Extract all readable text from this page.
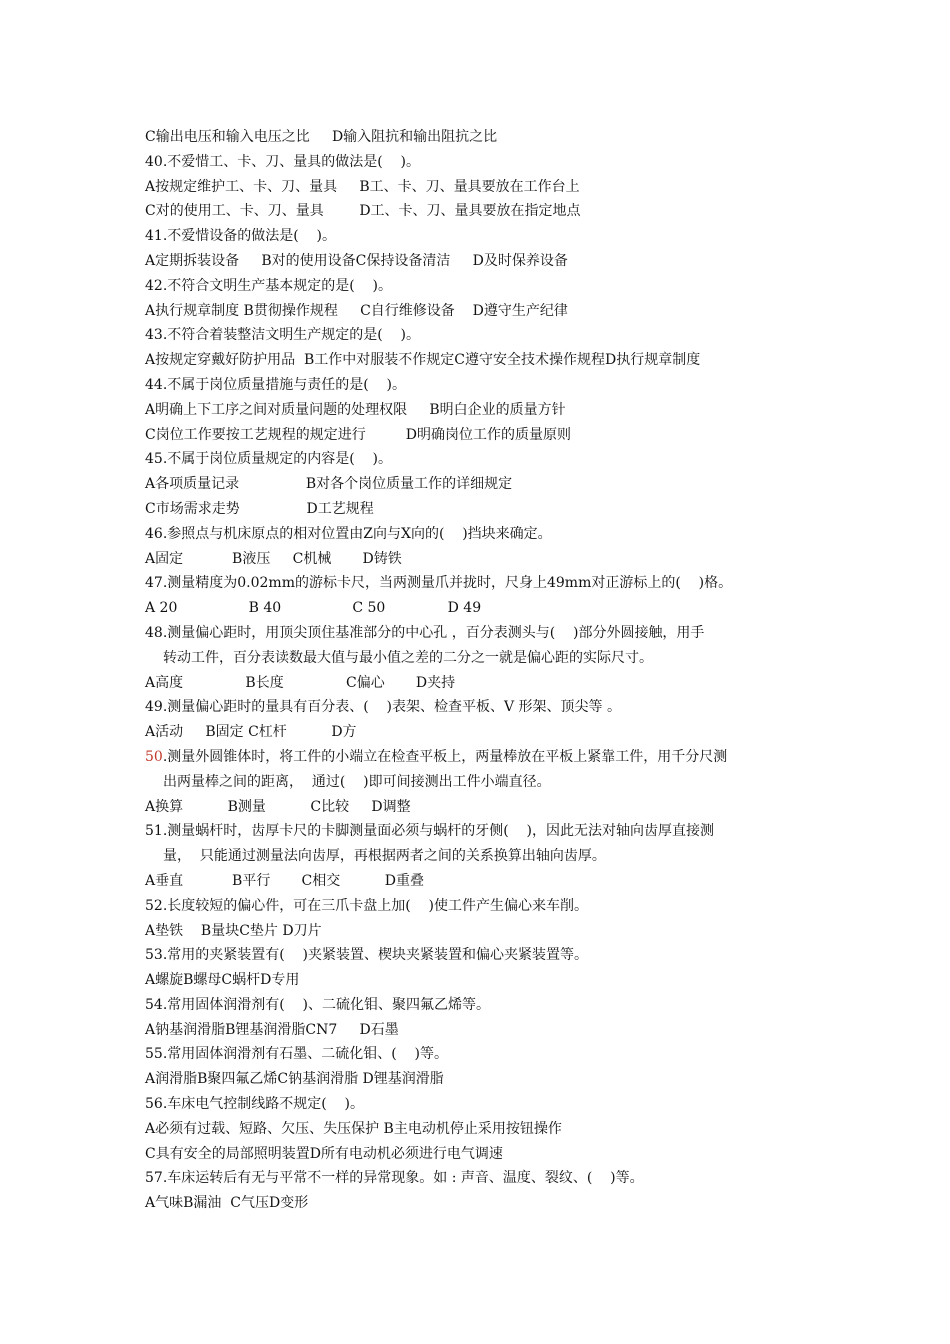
C输出电压和输入电压之比     D输入阻抗和输出阻抗之比
40.不爱惜工、卡、刀、量具的做法是(    )。
A按规定维护工、卡、刀、量具     B工、卡、刀、量具要放在工作台上
C对的使用工、卡、刀、量具        D工、卡、刀、量具要放在指定地点
41.不爱惜设备的做法是(    )。
A定期拆装设备     B对的使用设备C保持设备清洁     D及时保养设备
42.不符合文明生产基本规定的是(    )。
A执行规章制度 B贯彻操作规程     C自行维修设备    D遵守生产纪律
43.不符合着装整洁文明生产规定的是(    )。
A按规定穿戴好防护用品  B工作中对服装不作规定C遵守安全技术操作规程D执行规章制度
44.不属于岗位质量措施与责任的是(    )。
A明确上下工序之间对质量问题的处理权限     B明白企业的质量方针
C岗位工作要按工艺规程的规定进行         D明确岗位工作的质量原则
45.不属于岗位质量规定的内容是(    )。
A各项质量记录               B对各个岗位质量工作的详细规定
C市场需求走势               D工艺规程
46.参照点与机床原点的相对位置由Z向与X向的(    )挡块来确定。
A固定           B液压     C机械       D铸铁
47.测量精度为0.02mm的游标卡尺，当两测量爪并拢时，尺身上49mm对正游标上的(    )格。
A 20                B 40                C 50              D 49
48.测量偏心距时，用顶尖顶住基准部分的中心孔 ，百分表测头与(    )部分外圆接触，用手
转动工件，百分表读数最大值与最小值之差的二分之一就是偏心距的实际尺寸。
A高度              B长度              C偏心       D夹持
49.测量偏心距时的量具有百分表、(    )表架、检查平板、V 形架、顶尖等 。
A活动     B固定 C杠杆          D方
50.测量外圆锥体时，将工件的小端立在检查平板上，两量棒放在平板上紧靠工件，用千分尺测
出两量棒之间的距离，  通过(    )即可间接测出工件小端直径。
A换算          B测量          C比较     D调整
51.测量蜗杆时，齿厚卡尺的卡脚测量面必须与蜗杆的牙侧(    )，因此无法对轴向齿厚直接测
量，  只能通过测量法向齿厚，再根据两者之间的关系换算出轴向齿厚。
A垂直           B平行       C相交          D重叠
52.长度较短的偏心件，可在三爪卡盘上加(    )使工件产生偏心来车削。
A垫铁    B量块C垫片 D刀片
53.常用的夹紧装置有(    )夹紧装置、楔块夹紧装置和偏心夹紧装置等。
A螺旋B螺母C蜗杆D专用
54.常用固体润滑剂有(    )、二硫化钼、聚四氟乙烯等。
A钠基润滑脂B锂基润滑脂CN7     D石墨
55.常用固体润滑剂有石墨、二硫化钼、(    )等。
A润滑脂B聚四氟乙烯C钠基润滑脂 D锂基润滑脂
56.车床电气控制线路不规定(    )。
A必须有过载、短路、欠压、失压保护 B主电动机停止采用按钮操作
C具有安全的局部照明装置D所有电动机必须进行电气调速
57.车床运转后有无与平常不一样的异常现象。如 : 声音、温度、裂纹、(    )等。
A气味B漏油  C气压D变形
